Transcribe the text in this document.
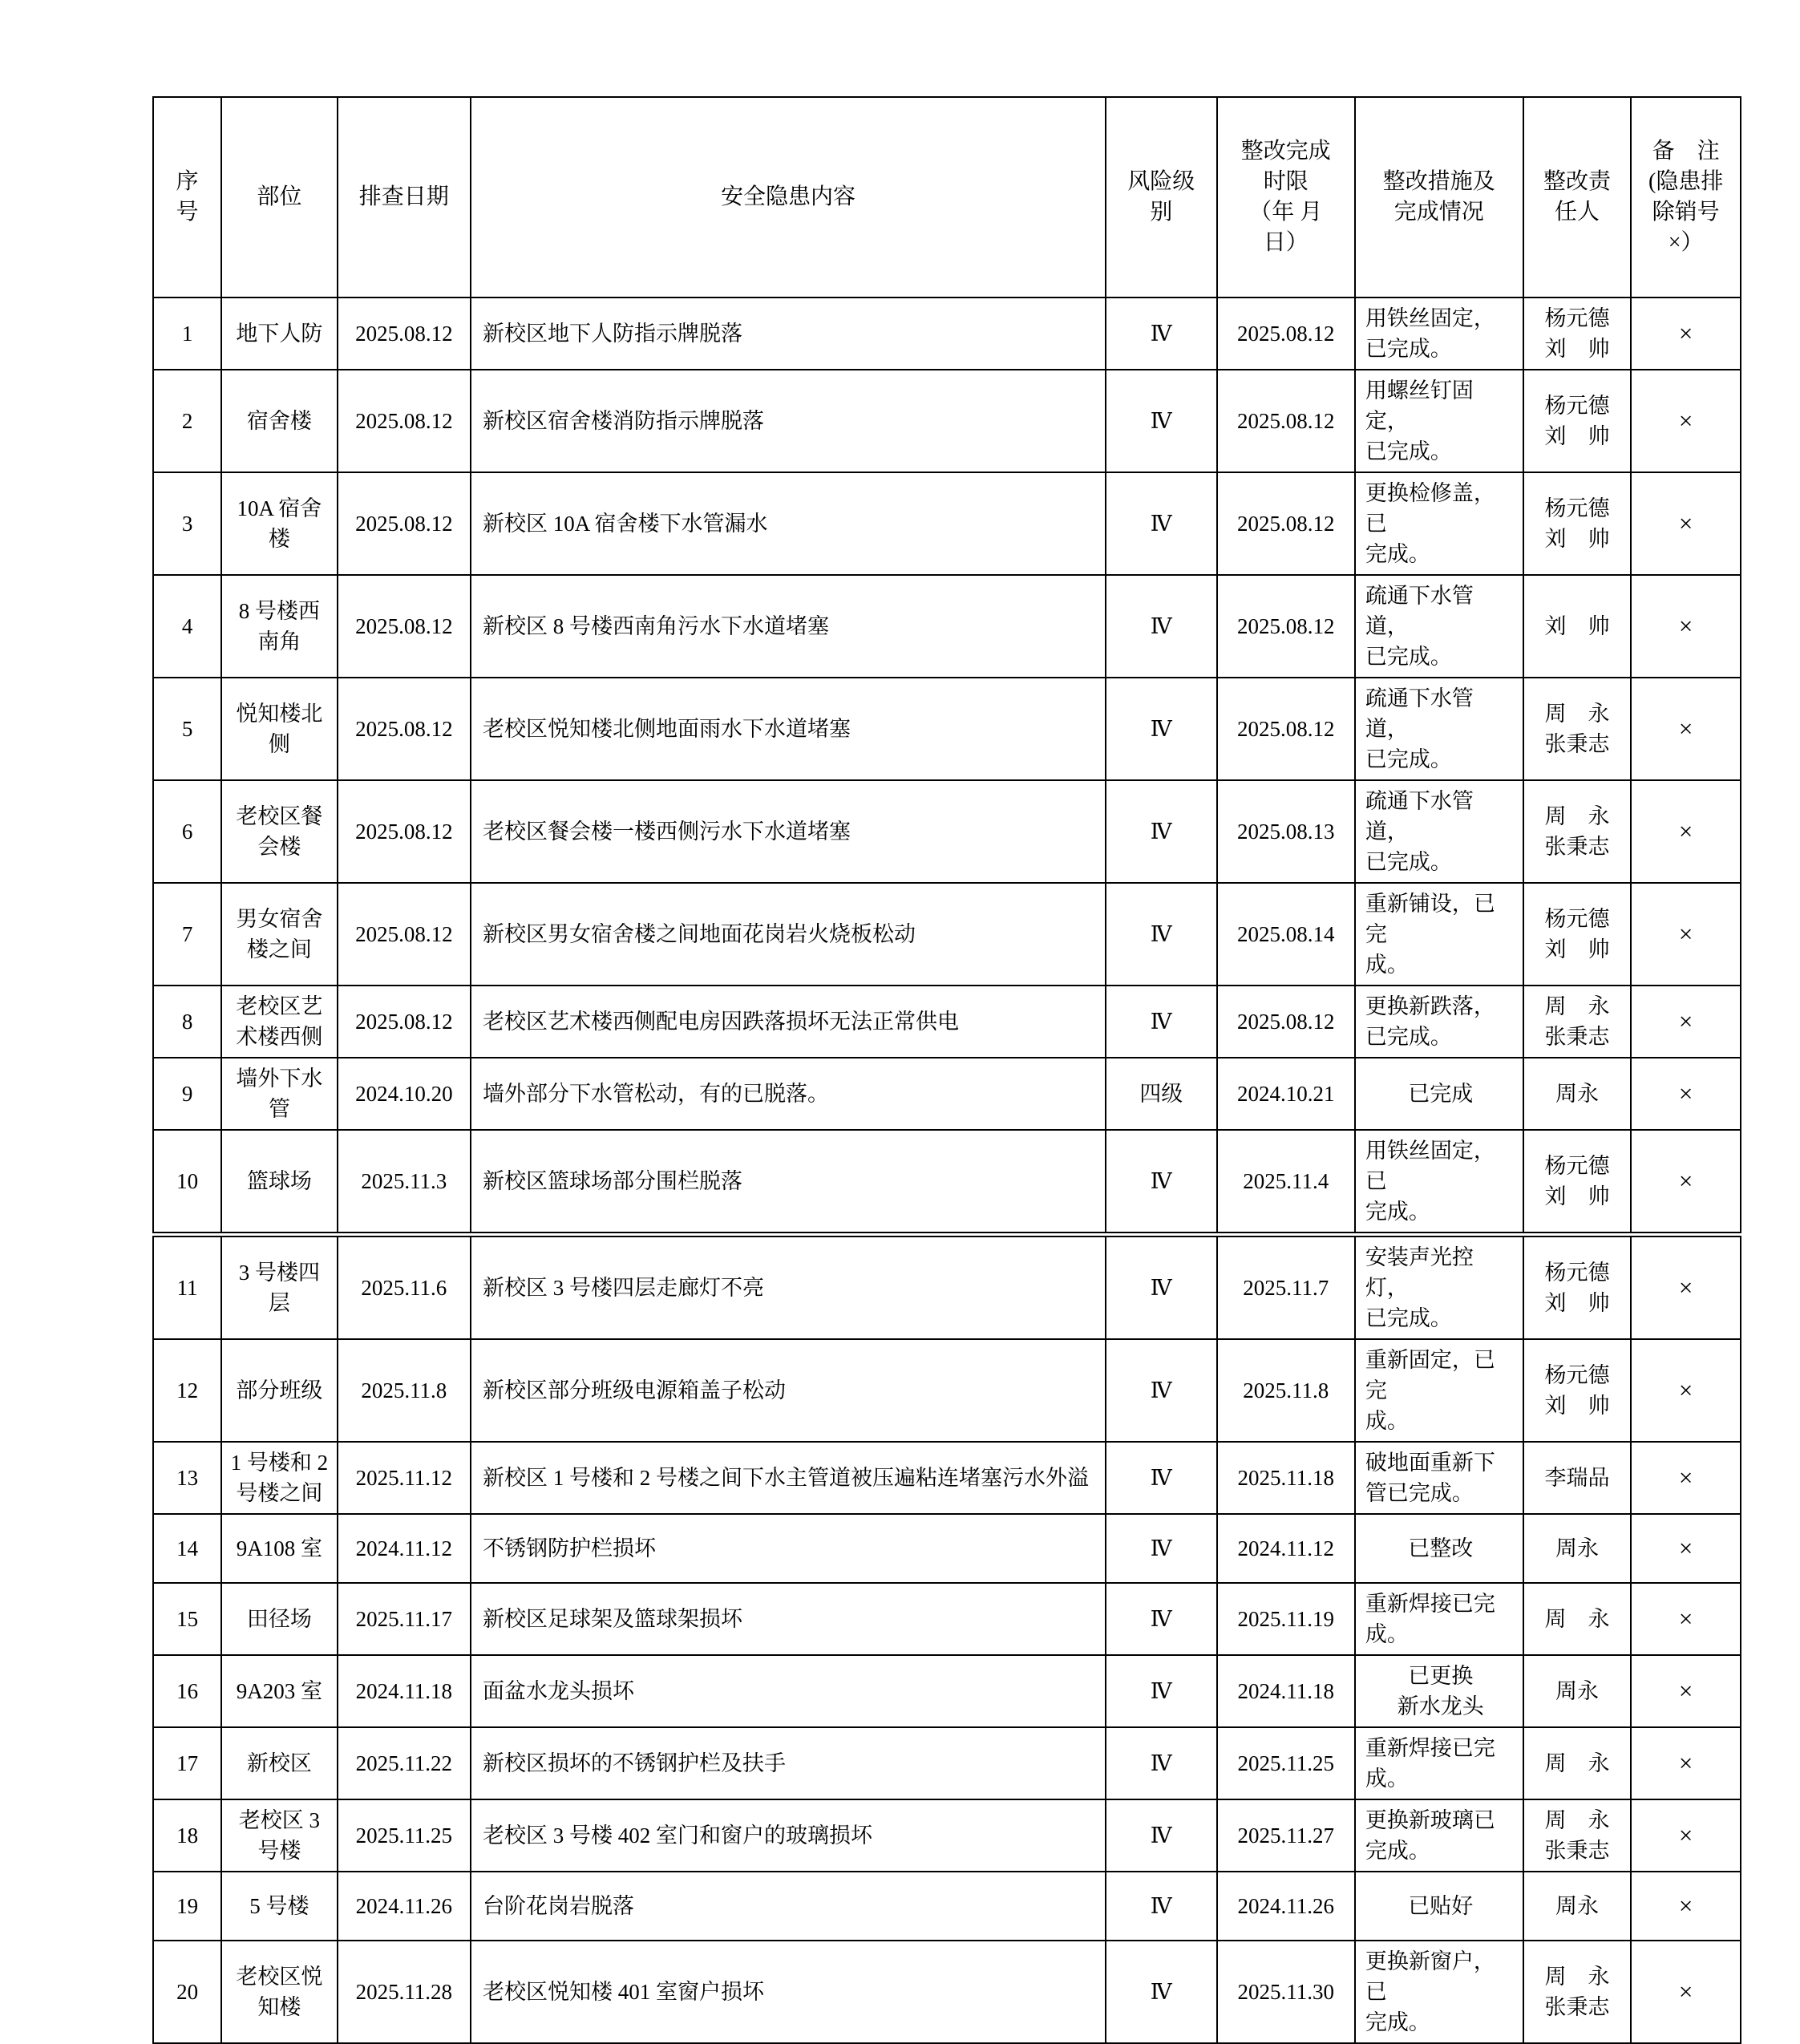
序
号	部位	排查日期	安全隐患内容	风险级
别	整改完成
时限
（年 月
日）	整改措施及
完成情况	整改责
任人	备　注
(隐患排
除销号
×）
1	地下人防	2025.08.12	新校区地下人防指示牌脱落	Ⅳ	2025.08.12	用铁丝固定，
已完成。	杨元德
刘　帅	×
2	宿舍楼	2025.08.12	新校区宿舍楼消防指示牌脱落	Ⅳ	2025.08.12	用螺丝钉固定，
已完成。	杨元德
刘　帅	×
3	10A 宿舍楼	2025.08.12	新校区 10A 宿舍楼下水管漏水	Ⅳ	2025.08.12	更换检修盖，已
完成。	杨元德
刘　帅	×
4	8 号楼西南角	2025.08.12	新校区 8 号楼西南角污水下水道堵塞	Ⅳ	2025.08.12	疏通下水管道，
已完成。	刘　帅	×
5	悦知楼北侧	2025.08.12	老校区悦知楼北侧地面雨水下水道堵塞	Ⅳ	2025.08.12	疏通下水管道，
已完成。	周　永
张秉志	×
6	老校区餐会楼	2025.08.12	老校区餐会楼一楼西侧污水下水道堵塞	Ⅳ	2025.08.13	疏通下水管道，
已完成。	周　永
张秉志	×
7	男女宿舍楼之间	2025.08.12	新校区男女宿舍楼之间地面花岗岩火烧板松动	Ⅳ	2025.08.14	重新铺设，已完
成。	杨元德
刘　帅	×
8	老校区艺术楼西侧	2025.08.12	老校区艺术楼西侧配电房因跌落损坏无法正常供电	Ⅳ	2025.08.12	更换新跌落，
已完成。	周　永
张秉志	×
9	墙外下水管	2024.10.20	墙外部分下水管松动，有的已脱落。	四级	2024.10.21	已完成	周永	×
10	篮球场	2025.11.3	新校区篮球场部分围栏脱落	Ⅳ	2025.11.4	用铁丝固定，已
完成。	杨元德
刘　帅	×
11	3 号楼四层	2025.11.6	新校区 3 号楼四层走廊灯不亮	Ⅳ	2025.11.7	安装声光控灯，
已完成。	杨元德
刘　帅	×
12	部分班级	2025.11.8	新校区部分班级电源箱盖子松动	Ⅳ	2025.11.8	重新固定，已完
成。	杨元德
刘　帅	×
13	1 号楼和 2 号楼之间	2025.11.12	新校区 1 号楼和 2 号楼之间下水主管道被压遍粘连堵塞污水外溢	Ⅳ	2025.11.18	破地面重新下
管已完成。	李瑞品	×
14	9A108 室	2024.11.12	不锈钢防护栏损坏	Ⅳ	2024.11.12	已整改	周永	×
15	田径场	2025.11.17	新校区足球架及篮球架损坏	Ⅳ	2025.11.19	重新焊接已完
成。	周　永	×
16	9A203 室	2024.11.18	面盆水龙头损坏	Ⅳ	2024.11.18	已更换
新水龙头	周永	×
17	新校区	2025.11.22	新校区损坏的不锈钢护栏及扶手	Ⅳ	2025.11.25	重新焊接已完
成。	周　永	×
18	老校区 3 号楼	2025.11.25	老校区 3 号楼 402 室门和窗户的玻璃损坏	Ⅳ	2025.11.27	更换新玻璃已
完成。	周　永
张秉志	×
19	5 号楼	2024.11.26	台阶花岗岩脱落	Ⅳ	2024.11.26	已贴好	周永	×
20	老校区悦知楼	2025.11.28	老校区悦知楼 401 室窗户损坏	Ⅳ	2025.11.30	更换新窗户，已
完成。	周　永
张秉志	×
